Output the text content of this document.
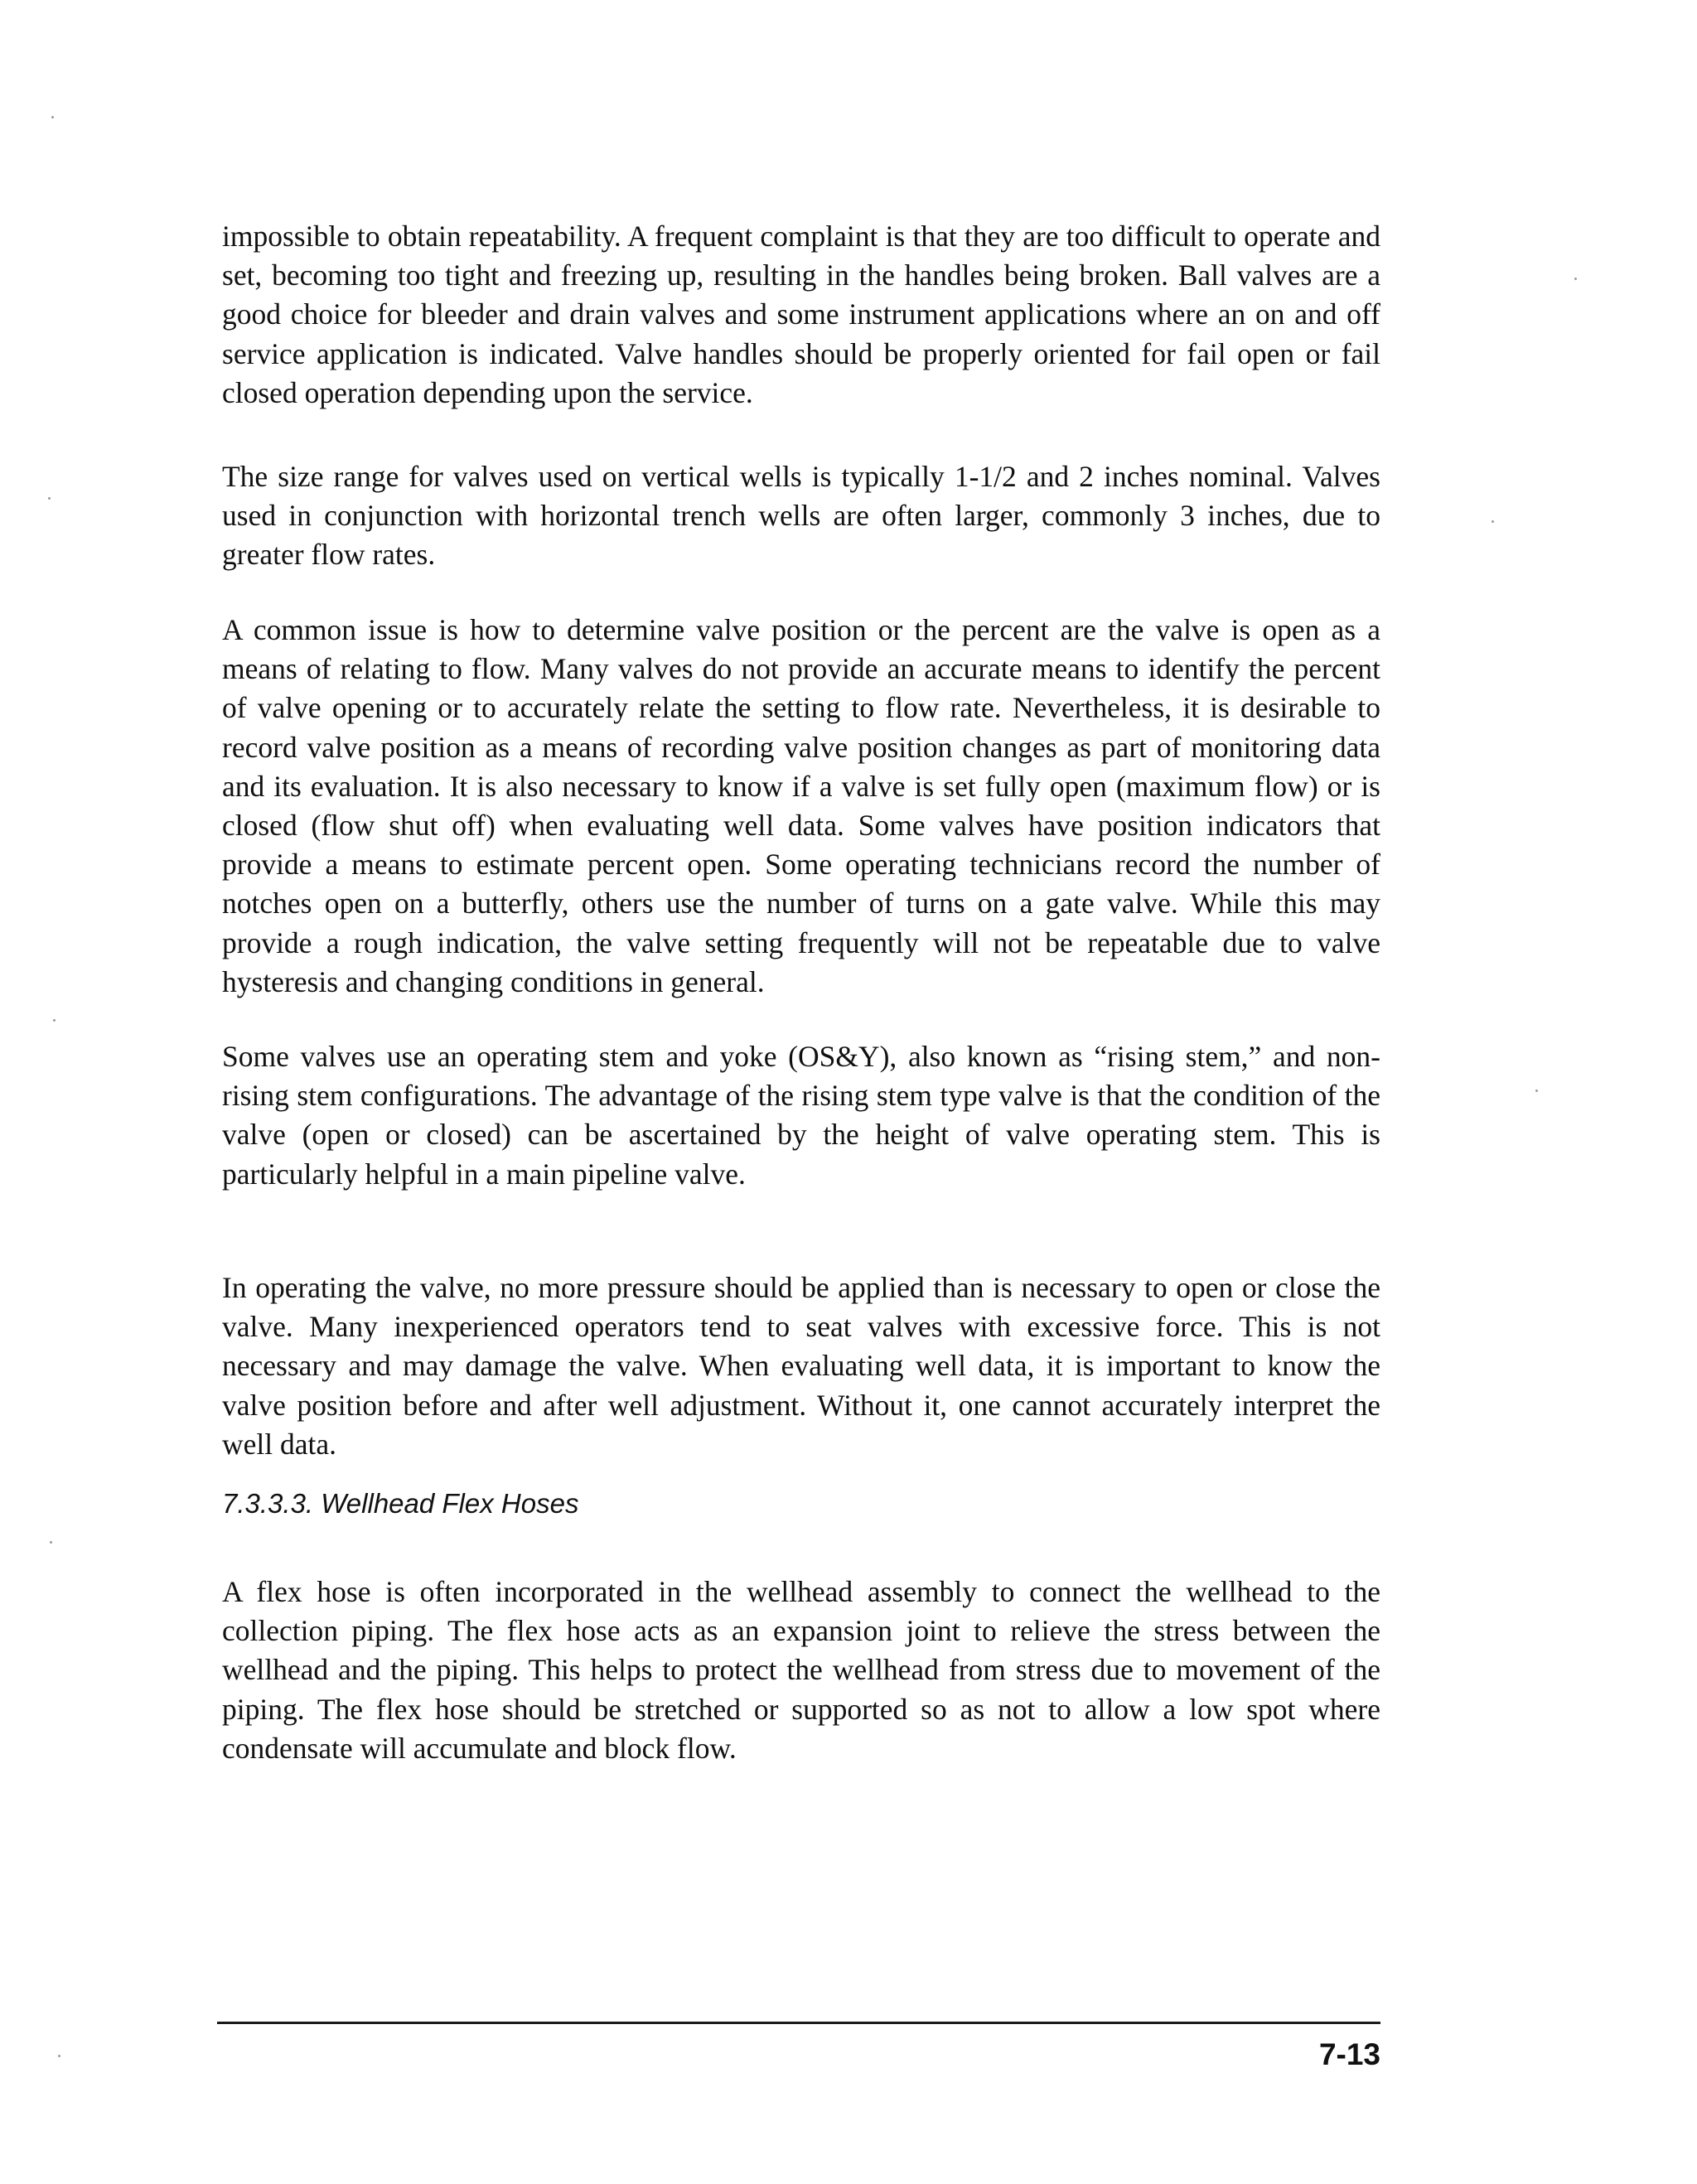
impossible to obtain repeatability. A frequent complaint is that they are too difficult to operate and set, becoming too tight and freezing up, resulting in the handles being broken. Ball valves are a good choice for bleeder and drain valves and some instrument applications where an on and off service application is indicated. Valve handles should be properly oriented for fail open or fail closed operation depending upon the service.

The size range for valves used on vertical wells is typically 1-1/2 and 2 inches nominal. Valves used in conjunction with horizontal trench wells are often larger, commonly 3 inches, due to greater flow rates.

A common issue is how to determine valve position or the percent are the valve is open as a means of relating to flow. Many valves do not provide an accurate means to identify the percent of valve opening or to accurately relate the setting to flow rate. Nevertheless, it is desirable to record valve position as a means of recording valve position changes as part of monitoring data and its evaluation. It is also necessary to know if a valve is set fully open (maximum flow) or is closed (flow shut off) when evaluating well data. Some valves have position indicators that provide a means to estimate percent open. Some operating technicians record the number of notches open on a butterfly, others use the number of turns on a gate valve. While this may provide a rough indication, the valve setting frequently will not be repeatable due to valve hysteresis and changing conditions in general.

Some valves use an operating stem and yoke (OS&Y), also known as “rising stem,” and non-rising stem configurations. The advantage of the rising stem type valve is that the condition of the valve (open or closed) can be ascertained by the height of valve operating stem. This is particularly helpful in a main pipeline valve.

In operating the valve, no more pressure should be applied than is necessary to open or close the valve. Many inexperienced operators tend to seat valves with excessive force. This is not necessary and may damage the valve. When evaluating well data, it is important to know the valve position before and after well adjustment. Without it, one cannot accurately interpret the well data.

7.3.3.3. Wellhead Flex Hoses

A flex hose is often incorporated in the wellhead assembly to connect the wellhead to the collection piping. The flex hose acts as an expansion joint to relieve the stress between the wellhead and the piping. This helps to protect the wellhead from stress due to movement of the piping. The flex hose should be stretched or supported so as not to allow a low spot where condensate will accumulate and block flow.

7-13
